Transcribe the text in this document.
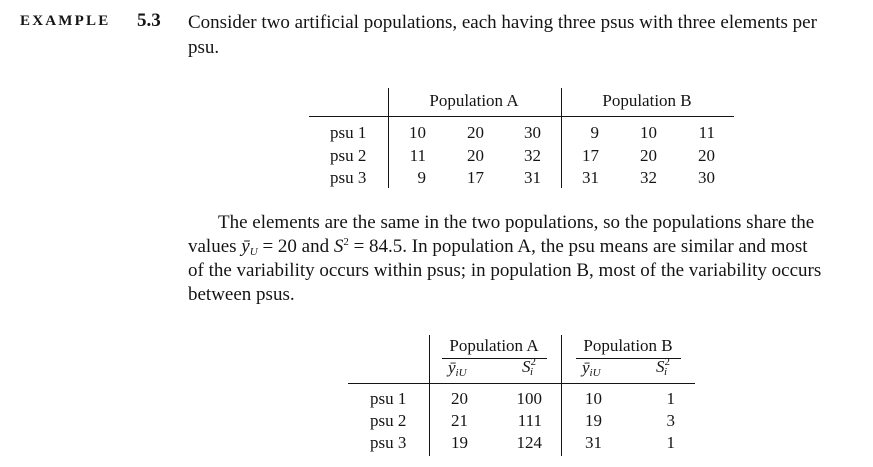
EXAMPLE 5.3 Consider two artificial populations, each having three psus with three elements per
psu.
Population A	Population B
psu 1	10 20 30	9 10 11
psu 2	11 20 32 17 20 20
psu 3	9 17 31 31 32 30
The elements are the same in the two populations, so the populations share the
values $ȳ_U = 20$ and $S^2 = 84.5$. In population A, the psu means are similar and most
of the variability occurs within psus; in population B, most of the variability occurs
between psus.
Population A	Population B
$ȳ_{iU}$	$S^2_i$	$ȳ_{iU}$	$S^2_i$
psu 1	20	100	10	1
psu 2	21	111	19	3
psu 3	19	124	31	1
